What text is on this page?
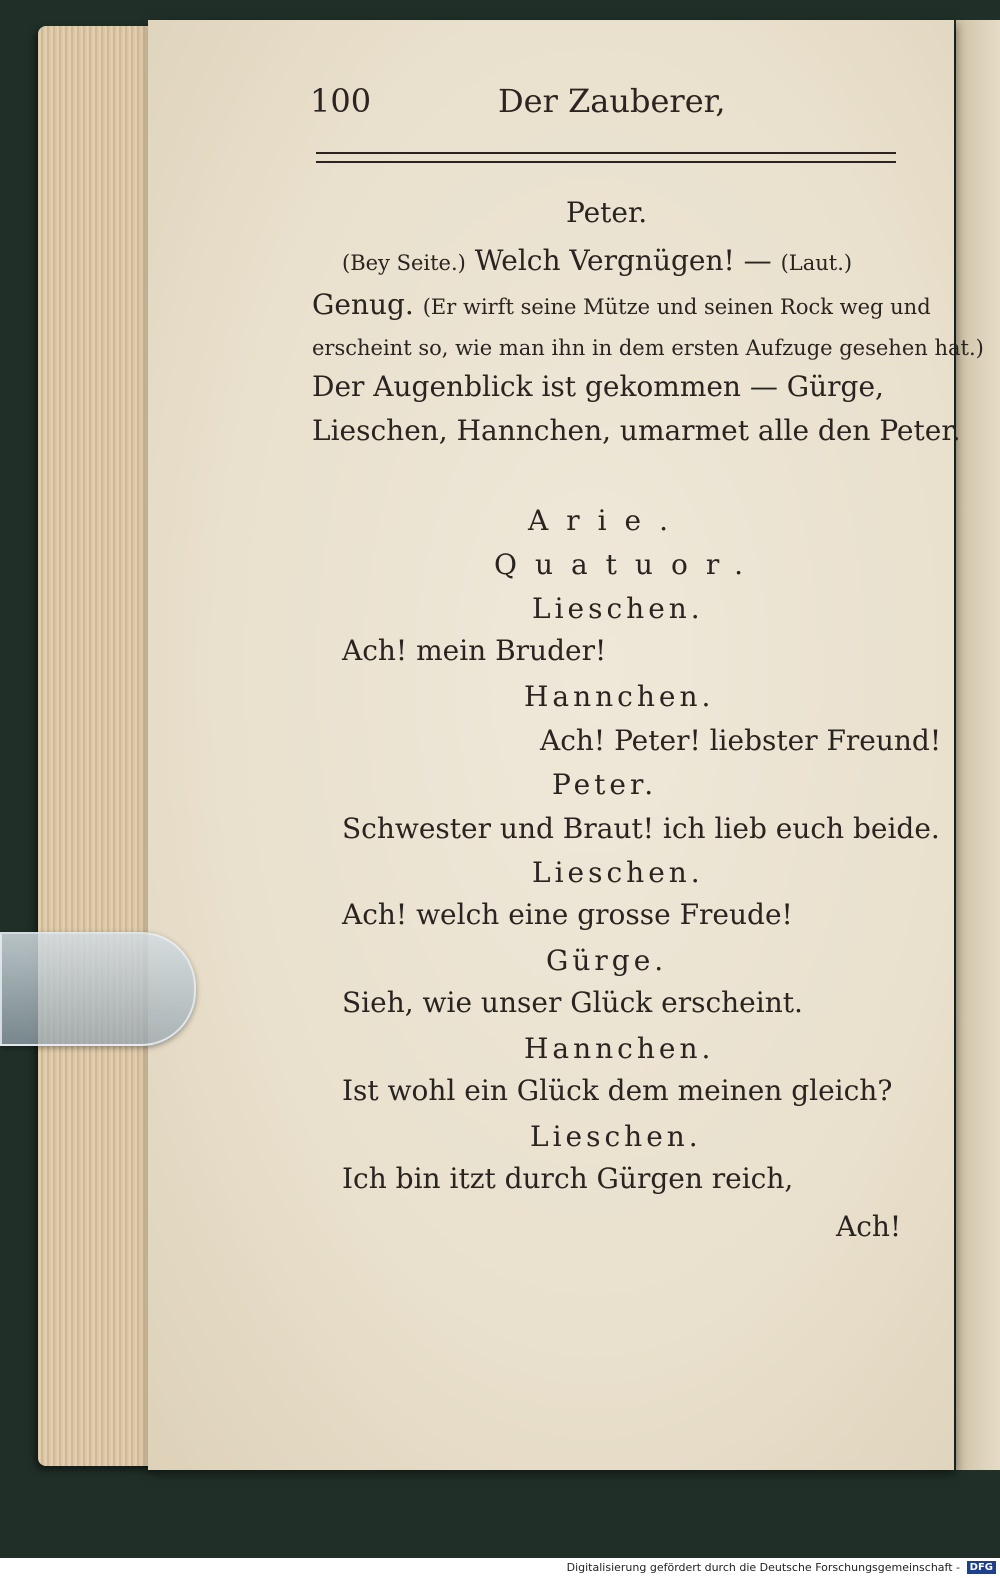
100	Der Zauberer,

Peter.

(Bey Seite.) Welch Vergnügen! — (Laut.)

Genug. (Er wirft seine Mütze und seinen Rock weg und

erscheint so, wie man ihn in dem ersten Aufzuge gesehen hat.)

Der Augenblick ist gekommen — Gürge,

Lieschen, Hannchen, umarmet alle den Peter.

Arie.

Quatuor.

Lieschen.

Ach! mein Bruder!

Hannchen.

Ach! Peter! liebster Freund!

Peter.

Schwester und Braut! ich lieb euch beide.

Lieschen.

Ach! welch eine grosse Freude!

Gürge.

Sieh, wie unser Glück erscheint.

Hannchen.

Ist wohl ein Glück dem meinen gleich?

Lieschen.

Ich bin itzt durch Gürgen reich,

Ach!

Digitalisierung gefördert durch die Deutsche Forschungsgemeinschaft - DFG
